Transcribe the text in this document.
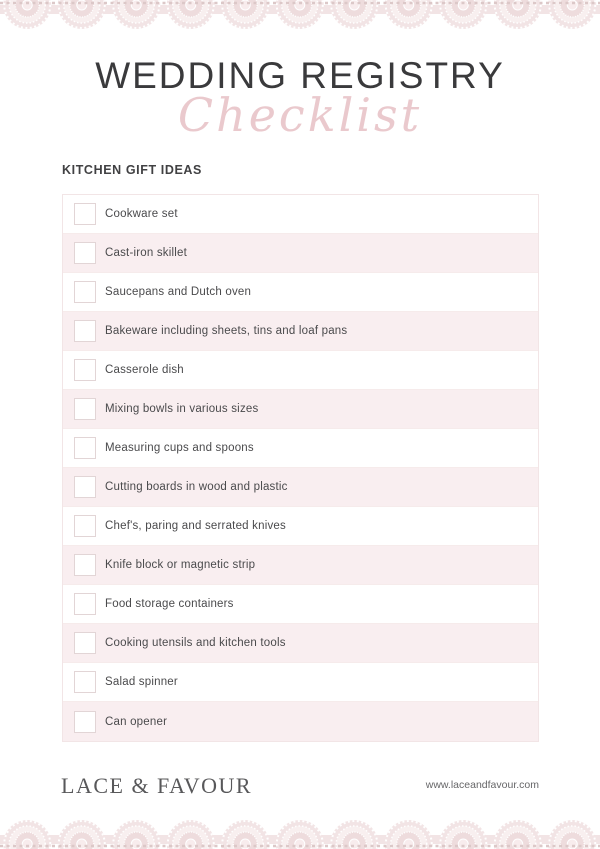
WEDDING REGISTRY
Checklist
KITCHEN GIFT IDEAS
Cookware set
Cast-iron skillet
Saucepans and Dutch oven
Bakeware including sheets, tins and loaf pans
Casserole dish
Mixing bowls in various sizes
Measuring cups and spoons
Cutting boards in wood and plastic
Chef's, paring and serrated knives
Knife block or magnetic strip
Food storage containers
Cooking utensils and kitchen tools
Salad spinner
Can opener
LACE & FAVOUR	www.laceandfavour.com
